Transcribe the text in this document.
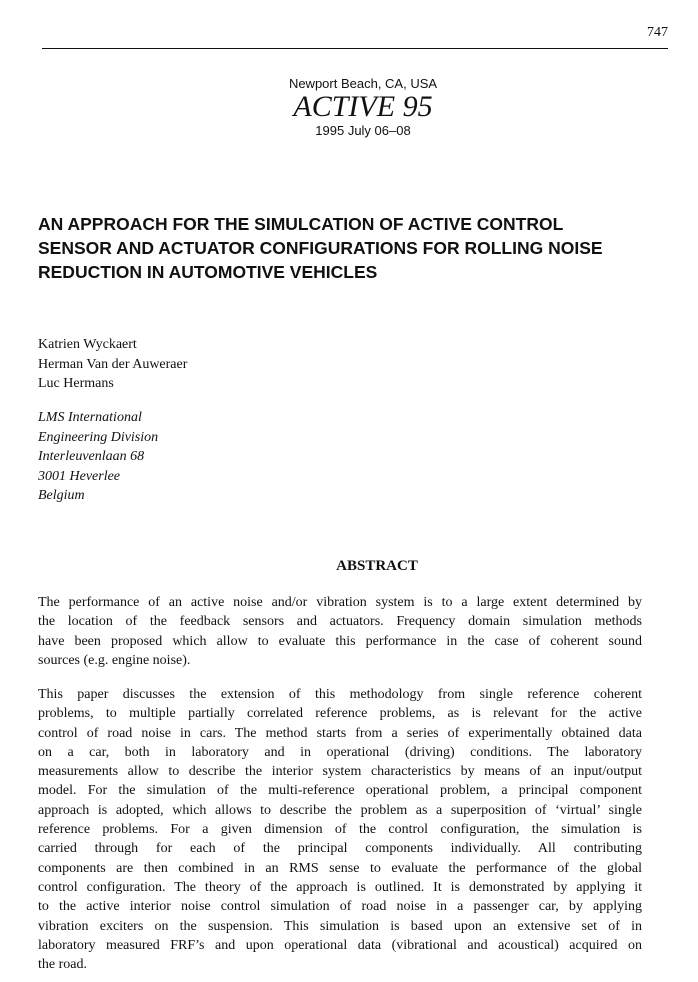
747
Newport Beach, CA, USA
ACTIVE 95
1995 July 06–08
AN APPROACH FOR THE SIMULCATION OF ACTIVE CONTROL
SENSOR AND ACTUATOR CONFIGURATIONS FOR ROLLING NOISE
REDUCTION IN AUTOMOTIVE VEHICLES
Katrien Wyckaert
Herman Van der Auweraer
Luc Hermans
LMS International
Engineering Division
Interleuvenlaan 68
3001 Heverlee
Belgium
ABSTRACT
The performance of an active noise and/or vibration system is to a large extent determined by
the location of the feedback sensors and actuators. Frequency domain simulation methods
have been proposed which allow to evaluate this performance in the case of coherent sound
sources (e.g. engine noise).
This paper discusses the extension of this methodology from single reference coherent
problems, to multiple partially correlated reference problems, as is relevant for the active
control of road noise in cars. The method starts from a series of experimentally obtained data
on a car, both in laboratory and in operational (driving) conditions. The laboratory
measurements allow to describe the interior system characteristics by means of an input/output
model. For the simulation of the multi-reference operational problem, a principal component
approach is adopted, which allows to describe the problem as a superposition of ‘virtual’ single
reference problems. For a given dimension of the control configuration, the simulation is
carried through for each of the principal components individually. All contributing
components are then combined in an RMS sense to evaluate the performance of the global
control configuration. The theory of the approach is outlined. It is demonstrated by applying it
to the active interior noise control simulation of road noise in a passenger car, by applying
vibration exciters on the suspension. This simulation is based upon an extensive set of in
laboratory measured FRF’s and upon operational data (vibrational and acoustical) acquired on
the road.
